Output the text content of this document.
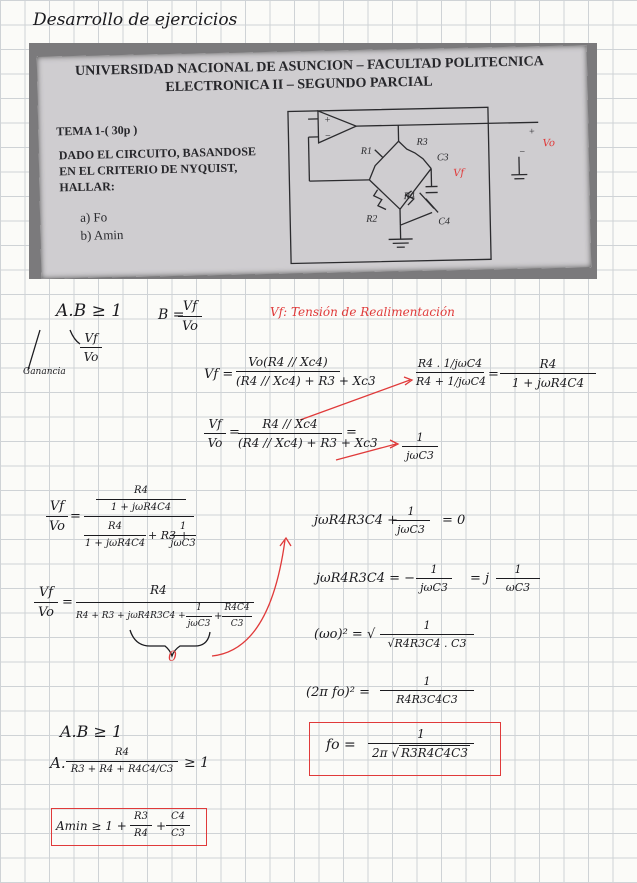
Desarrollo de ejercicios
UNIVERSIDAD NACIONAL DE ASUNCION – FACULTAD POLITECNICA
ELECTRONICA II – SEGUNDO PARCIAL
TEMA 1-( 30p )
DADO EL CIRCUITO, BASANDOSE
EN EL CRITERIO DE NYQUIST,
HALLAR:
a) Fo
b) Amin
+
−
R1
R3
C3
R4
R2	C4
+
−
Vo
Vf
A.B ≥ 1
Vf
Vo
Ganancia
B =
Vf
Vo
Vf: Tensión de Realimentación
Vf =
Vo(R4 // Xc4)
(R4 // Xc4) + R3 + Xc3
R4 . 1/jωC4
R4 + 1/jωC4 =
R4
1 + jωR4C4
Vf
Vo
=
R4 // Xc4
(R4 // Xc4) + R3 + Xc3
=	1
jωC3
Vf
Vo
=
R4
1 + jωR4C4
R4
1 + jωR4C4
+ R3 +
1
jωC3
Vf
Vo
=
R4
R4 + R3 + jωR4R3C4 +
1
jωC3
+
R4C4
C3
0
jωR4R3C4 +
1
jωC3
= 0
jωR4R3C4 = −
1
jωC3
= j
1
ωC3
(ωo)² = √
1
√R4R3C4 . C3
(2π fo)² =
1
R4R3C4C3
fo =
1
2π √ R3R4C4C3
A.B ≥ 1
A.
R4
R3 + R4 + R4C4/C3 ≥ 1
Amin ≥ 1 +
R3
R4
+
C4
C3
